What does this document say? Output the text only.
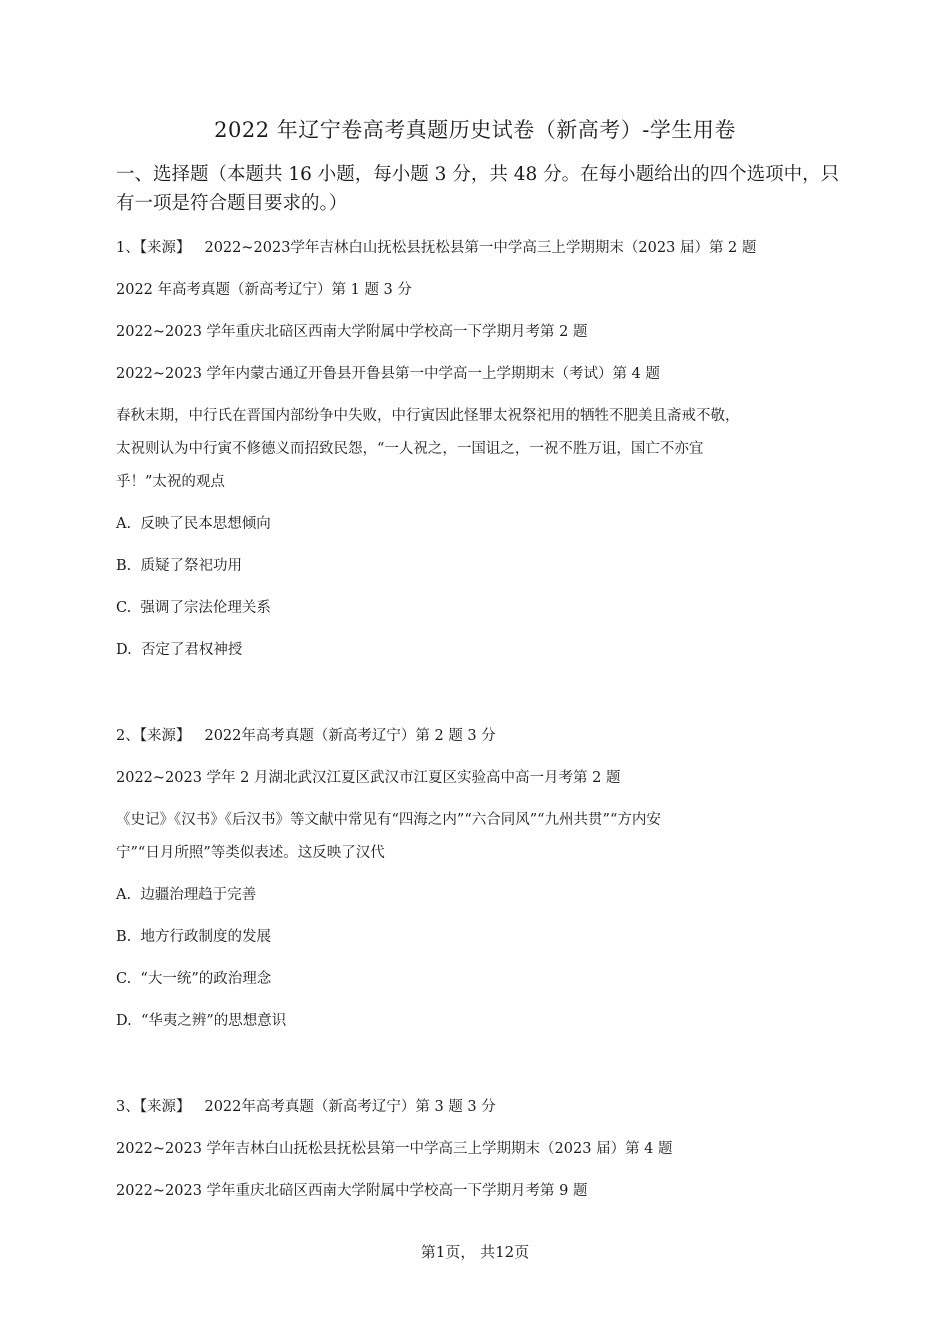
2022 年辽宁卷高考真题历史试卷（新高考）-学生用卷
一、选择题（本题共 16 小题，每小题 3 分，共 48 分。在每小题给出的四个选项中，只有一项是符合题目要求的。）
1、【来源】 2022~2023学年吉林白山抚松县抚松县第一中学高三上学期期末（2023 届）第 2 题
2022 年高考真题（新高考辽宁）第 1 题 3 分
2022~2023 学年重庆北碚区西南大学附属中学校高一下学期月考第 2 题
2022~2023 学年内蒙古通辽开鲁县开鲁县第一中学高一上学期期末（考试）第 4 题
春秋末期，中行氏在晋国内部纷争中失败，中行寅因此怪罪太祝祭祀用的牺牲不肥美且斋戒不敬，
太祝则认为中行寅不修德义而招致民怨，“一人祝之，一国诅之，一祝不胜万诅，国亡不亦宜
乎！”太祝的观点
A. 反映了民本思想倾向
B. 质疑了祭祀功用
C. 强调了宗法伦理关系
D. 否定了君权神授
2、【来源】 2022年高考真题（新高考辽宁）第 2 题 3 分
2022~2023 学年 2 月湖北武汉江夏区武汉市江夏区实验高中高一月考第 2 题
《史记》《汉书》《后汉书》等文献中常见有“四海之内”“六合同风”“九州共贯”“方内安
宁”“日月所照”等类似表述。这反映了汉代
A. 边疆治理趋于完善
B. 地方行政制度的发展
C. “大一统”的政治理念
D. “华夷之辨”的思想意识
3、【来源】 2022年高考真题（新高考辽宁）第 3 题 3 分
2022~2023 学年吉林白山抚松县抚松县第一中学高三上学期期末（2023 届）第 4 题
2022~2023 学年重庆北碚区西南大学附属中学校高一下学期月考第 9 题
第1页， 共12页
